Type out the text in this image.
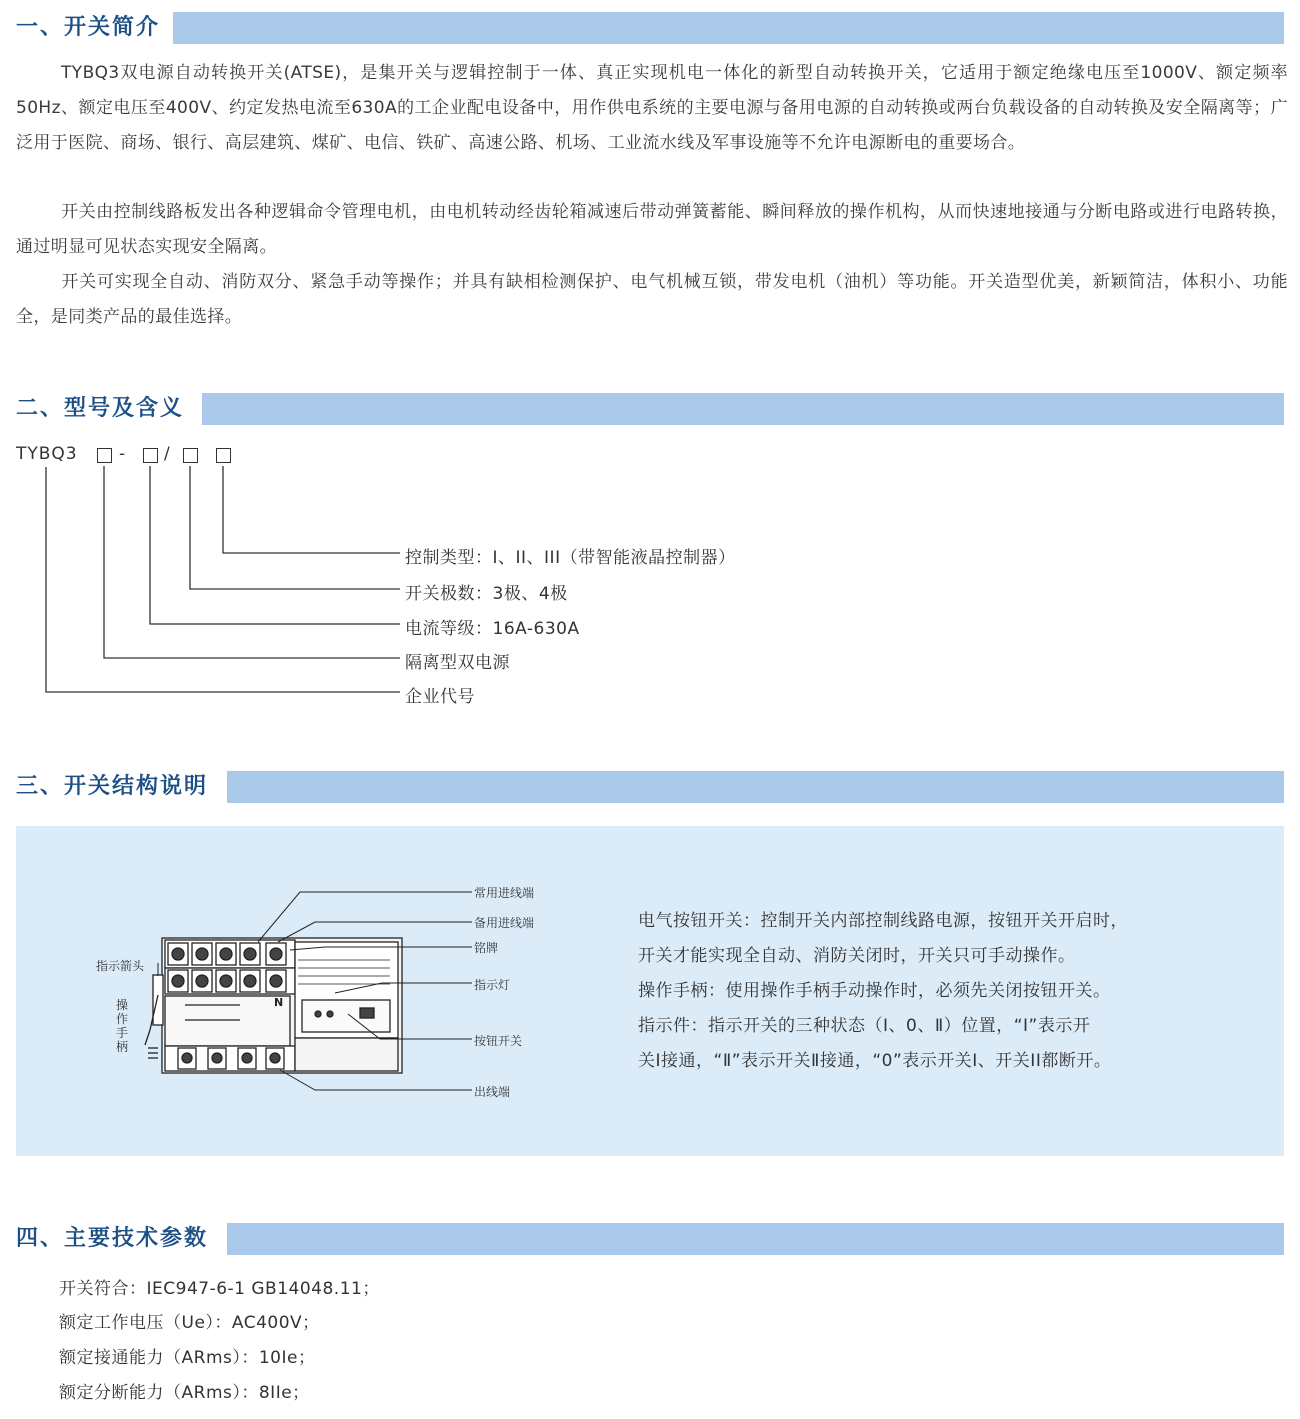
一、开关简介

TYBQ3双电源自动转换开关(ATSE)，是集开关与逻辑控制于一体、真正实现机电一体化的新型自动转换开关，它适用于额定绝缘电压至1000V、额定频率50Hz、额定电压至400V、约定发热电流至630A的工企业配电设备中，用作供电系统的主要电源与备用电源的自动转换或两台负载设备的自动转换及安全隔离等；广泛用于医院、商场、银行、高层建筑、煤矿、电信、铁矿、高速公路、机场、工业流水线及军事设施等不允许电源断电的重要场合。

开关由控制线路板发出各种逻辑命令管理电机，由电机转动经齿轮箱减速后带动弹簧蓄能、瞬间释放的操作机构，从而快速地接通与分断电路或进行电路转换，通过明显可见状态实现安全隔离。

开关可实现全自动、消防双分、紧急手动等操作；并具有缺相检测保护、电气机械互锁，带发电机（油机）等功能。开关造型优美，新颖简洁，体积小、功能全，是同类产品的最佳选择。

二、型号及含义
TYBQ3 - /
控制类型：I、II、III（带智能液晶控制器）
开关极数：3极、4极
电流等级：16A-630A
隔离型双电源
企业代号
三、开关结构说明
N
常用进线端
备用进线端
铭牌
指示灯
按钮开关
出线端
指示箭头
操作手柄
电气按钮开关：控制开关内部控制线路电源，按钮开关开启时，
开关才能实现全自动、消防关闭时，开关只可手动操作。
操作手柄：使用操作手柄手动操作时，必须先关闭按钮开关。
指示件：指示开关的三种状态（I、0、Ⅱ）位置，“I”表示开
关I接通，“Ⅱ”表示开关Ⅱ接通，“0”表示开关I、开关II都断开。
四、主要技术参数
开关符合：IEC947-6-1 GB14048.11；
额定工作电压（Ue）：AC400V；
额定接通能力（ARms）：10Ie；
额定分断能力（ARms）：8IIe；
